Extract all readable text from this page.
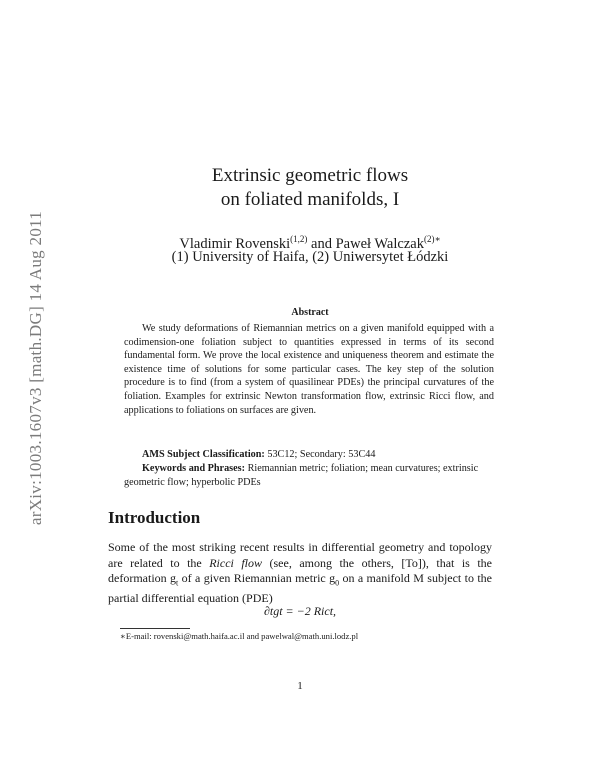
arXiv:1003.1607v3 [math.DG] 14 Aug 2011
Extrinsic geometric flows
on foliated manifolds, I
Vladimir Rovenski$^{(1,2)}$ and Paweł Walczak$^{(2)∗}$
(1) University of Haifa, (2) Uniwersytet Łódzki
Abstract
We study deformations of Riemannian metrics on a given manifold equipped with a codimension-one foliation subject to quantities expressed in terms of its second fundamental form. We prove the local existence and uniqueness theorem and estimate the existence time of solutions for some particular cases. The key step of the solution procedure is to find (from a system of quasilinear PDEs) the principal curvatures of the foliation. Examples for extrinsic Newton transformation flow, extrinsic Ricci flow, and applications to foliations on surfaces are given.
AMS Subject Classification: 53C12; Secondary: 53C44
Keywords and Phrases: Riemannian metric; foliation; mean curvatures; extrinsic geometric flow; hyperbolic PDEs
Introduction
Some of the most striking recent results in differential geometry and topology are related to the Ricci flow (see, among the others, [To]), that is the deformation $g_t$ of a given Riemannian metric $g_0$ on a manifold M subject to the partial differential equation (PDE)
∂tgt = −2 Rict,
∗E-mail: rovenski@math.haifa.ac.il and pawelwal@math.uni.lodz.pl
1
